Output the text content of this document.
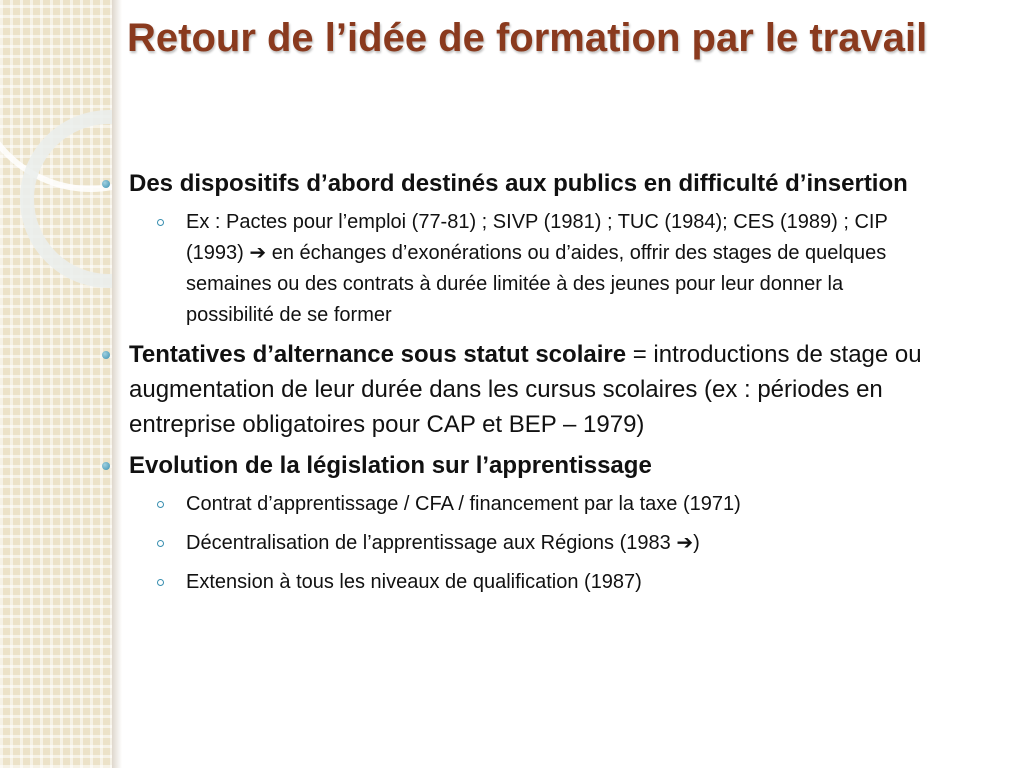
Retour de l’idée de formation par le travail
Des dispositifs d’abord destinés aux publics en difficulté d’insertion
Ex : Pactes pour l’emploi (77-81) ; SIVP (1981) ; TUC (1984); CES (1989) ; CIP (1993) ➔ en échanges d’exonérations ou d’aides, offrir des stages de quelques semaines ou des contrats à durée limitée à des jeunes pour leur donner la possibilité de se former
Tentatives d’alternance sous statut scolaire = introductions de stage ou augmentation de leur durée dans les cursus scolaires (ex : périodes en entreprise obligatoires pour CAP et BEP – 1979)
Evolution de la législation sur l’apprentissage
Contrat d’apprentissage / CFA / financement par la taxe (1971)
Décentralisation de l’apprentissage aux Régions (1983 ➔)
Extension à tous les niveaux de qualification (1987)
